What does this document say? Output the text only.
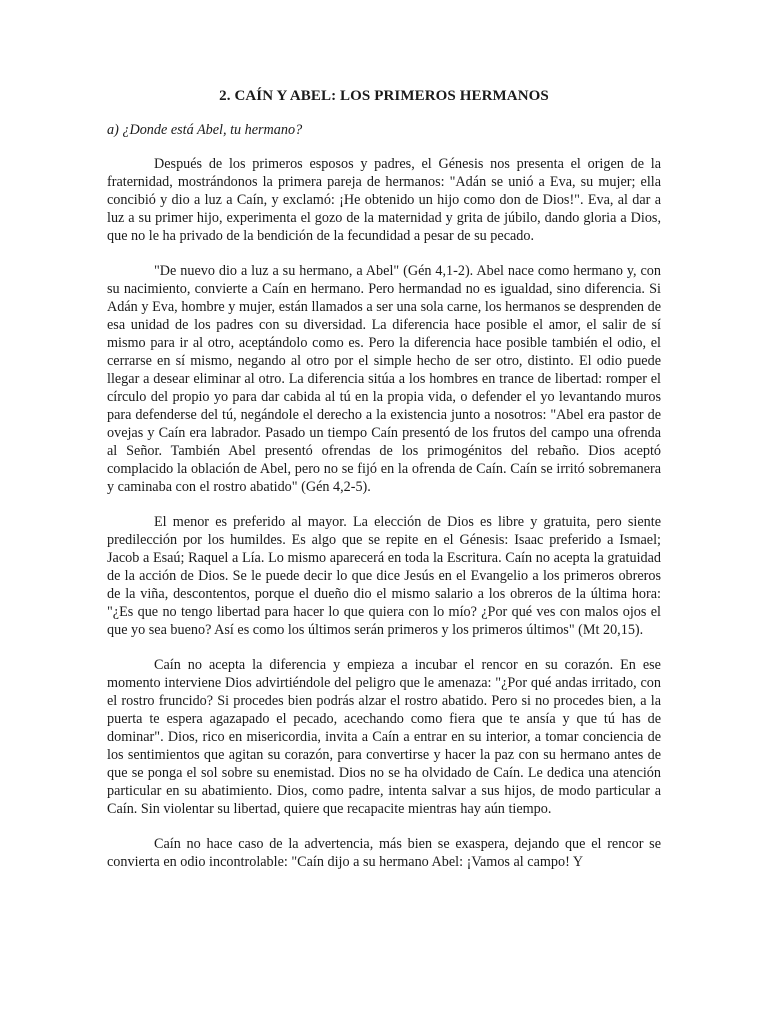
2. CAÍN Y ABEL: LOS PRIMEROS HERMANOS

a) ¿Donde está Abel, tu hermano?

Después de los primeros esposos y padres, el Génesis nos presenta el origen de la fraternidad, mostrándonos la primera pareja de hermanos: "Adán se unió a Eva, su mujer; ella concibió y dio a luz a Caín, y exclamó: ¡He obtenido un hijo como don de Dios!". Eva, al dar a luz a su primer hijo, experimenta el gozo de la maternidad y grita de júbilo, dando gloria a Dios, que no le ha privado de la bendición de la fecundidad a pesar de su pecado.

"De nuevo dio a luz a su hermano, a Abel" (Gén 4,1-2). Abel nace como hermano y, con su nacimiento, convierte a Caín en hermano. Pero hermandad no es igualdad, sino diferencia. Si Adán y Eva, hombre y mujer, están llamados a ser una sola carne, los hermanos se desprenden de esa unidad de los padres con su diversidad. La diferencia hace posible el amor, el salir de sí mismo para ir al otro, aceptándolo como es. Pero la diferencia hace posible también el odio, el cerrarse en sí mismo, negando al otro por el simple hecho de ser otro, distinto. El odio puede llegar a desear eliminar al otro. La diferencia sitúa a los hombres en trance de libertad: romper el círculo del propio yo para dar cabida al tú en la propia vida, o defender el yo levantando muros para defenderse del tú, negándole el derecho a la existencia junto a nosotros: "Abel era pastor de ovejas y Caín era labrador. Pasado un tiempo Caín presentó de los frutos del campo una ofrenda al Señor. También Abel presentó ofrendas de los primogénitos del rebaño. Dios aceptó complacido la oblación de Abel, pero no se fijó en la ofrenda de Caín. Caín se irritó sobremanera y caminaba con el rostro abatido" (Gén 4,2-5).

El menor es preferido al mayor. La elección de Dios es libre y gratuita, pero siente predilección por los humildes. Es algo que se repite en el Génesis: Isaac preferido a Ismael; Jacob a Esaú; Raquel a Lía. Lo mismo aparecerá en toda la Escritura. Caín no acepta la gratuidad de la acción de Dios. Se le puede decir lo que dice Jesús en el Evangelio a los primeros obreros de la viña, descontentos, porque el dueño dio el mismo salario a los obreros de la última hora: "¿Es que no tengo libertad para hacer lo que quiera con lo mío? ¿Por qué ves con malos ojos el que yo sea bueno? Así es como los últimos serán primeros y los primeros últimos" (Mt 20,15).

Caín no acepta la diferencia y empieza a incubar el rencor en su corazón. En ese momento interviene Dios advirtiéndole del peligro que le amenaza: "¿Por qué andas irritado, con el rostro fruncido? Si procedes bien podrás alzar el rostro abatido. Pero si no procedes bien, a la puerta te espera agazapado el pecado, acechando como fiera que te ansía y que tú has de dominar". Dios, rico en misericordia, invita a Caín a entrar en su interior, a tomar conciencia de los sentimientos que agitan su corazón, para convertirse y hacer la paz con su hermano antes de que se ponga el sol sobre su enemistad. Dios no se ha olvidado de Caín. Le dedica una atención particular en su abatimiento. Dios, como padre, intenta salvar a sus hijos, de modo particular a Caín. Sin violentar su libertad, quiere que recapacite mientras hay aún tiempo.

Caín no hace caso de la advertencia, más bien se exaspera, dejando que el rencor se convierta en odio incontrolable: "Caín dijo a su hermano Abel: ¡Vamos al campo! Y
